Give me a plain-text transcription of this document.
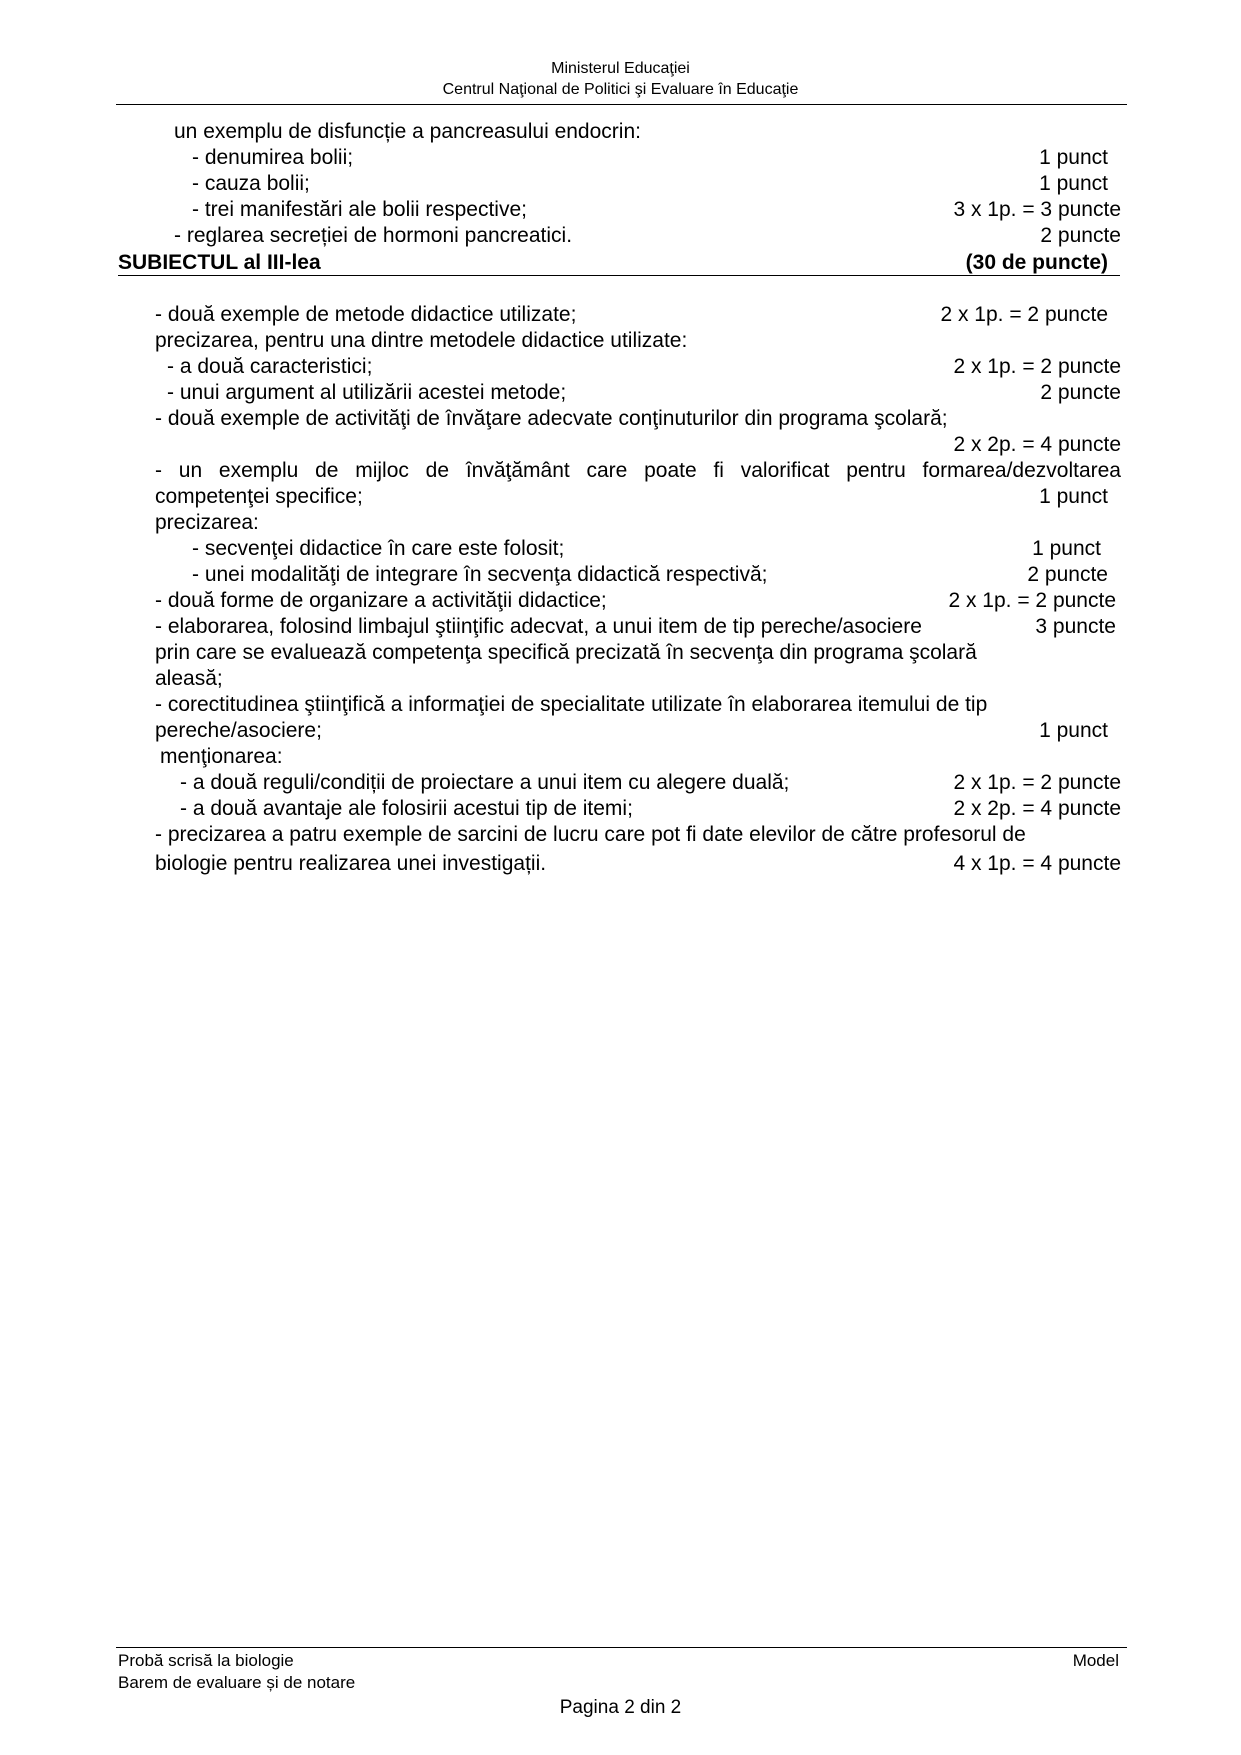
Ministerul Educaţiei
Centrul Naţional de Politici şi Evaluare în Educaţie
un exemplu de disfuncție a pancreasului endocrin:
- denumirea bolii;	1 punct
- cauza bolii;	1 punct
- trei manifestări ale bolii respective;	3 x 1p. = 3 puncte
- reglarea secreției de hormoni pancreatici.	2 puncte
SUBIECTUL al III-lea	(30 de puncte)
- două exemple de metode didactice utilizate;	2 x 1p. = 2 puncte
precizarea, pentru una dintre metodele didactice utilizate:
- a două caracteristici;	2 x 1p. = 2 puncte
- unui argument al utilizării acestei metode;	2 puncte
- două exemple de activităţi de învăţare adecvate conţinuturilor din programa şcolară;
2 x 2p. = 4 puncte
- un exemplu de mijloc de învăţământ care poate fi valorificat pentru formarea/dezvoltarea
competenţei specifice;	1 punct
precizarea:
- secvenţei didactice în care este folosit;	1 punct
- unei modalităţi de integrare în secvenţa didactică respectivă;	2 puncte
- două forme de organizare a activităţii didactice;	2 x 1p. = 2 puncte
- elaborarea, folosind limbajul ştiinţific adecvat, a unui item de tip pereche/asociere	3 puncte
prin care se evaluează competenţa specifică precizată în secvenţa din programa şcolară
aleasă;
- corectitudinea ştiinţifică a informaţiei de specialitate utilizate în elaborarea itemului de tip
pereche/asociere;	1 punct
menţionarea:
- a două reguli/condiții de proiectare a unui item cu alegere duală;	2 x 1p. = 2 puncte
- a două avantaje ale folosirii acestui tip de itemi;	2 x 2p. = 4 puncte
- precizarea a patru exemple de sarcini de lucru care pot fi date elevilor de către profesorul de
biologie pentru realizarea unei investigații.	4 x 1p. = 4 puncte
Probă scrisă la biologie	Model
Barem de evaluare și de notare
Pagina 2 din 2
